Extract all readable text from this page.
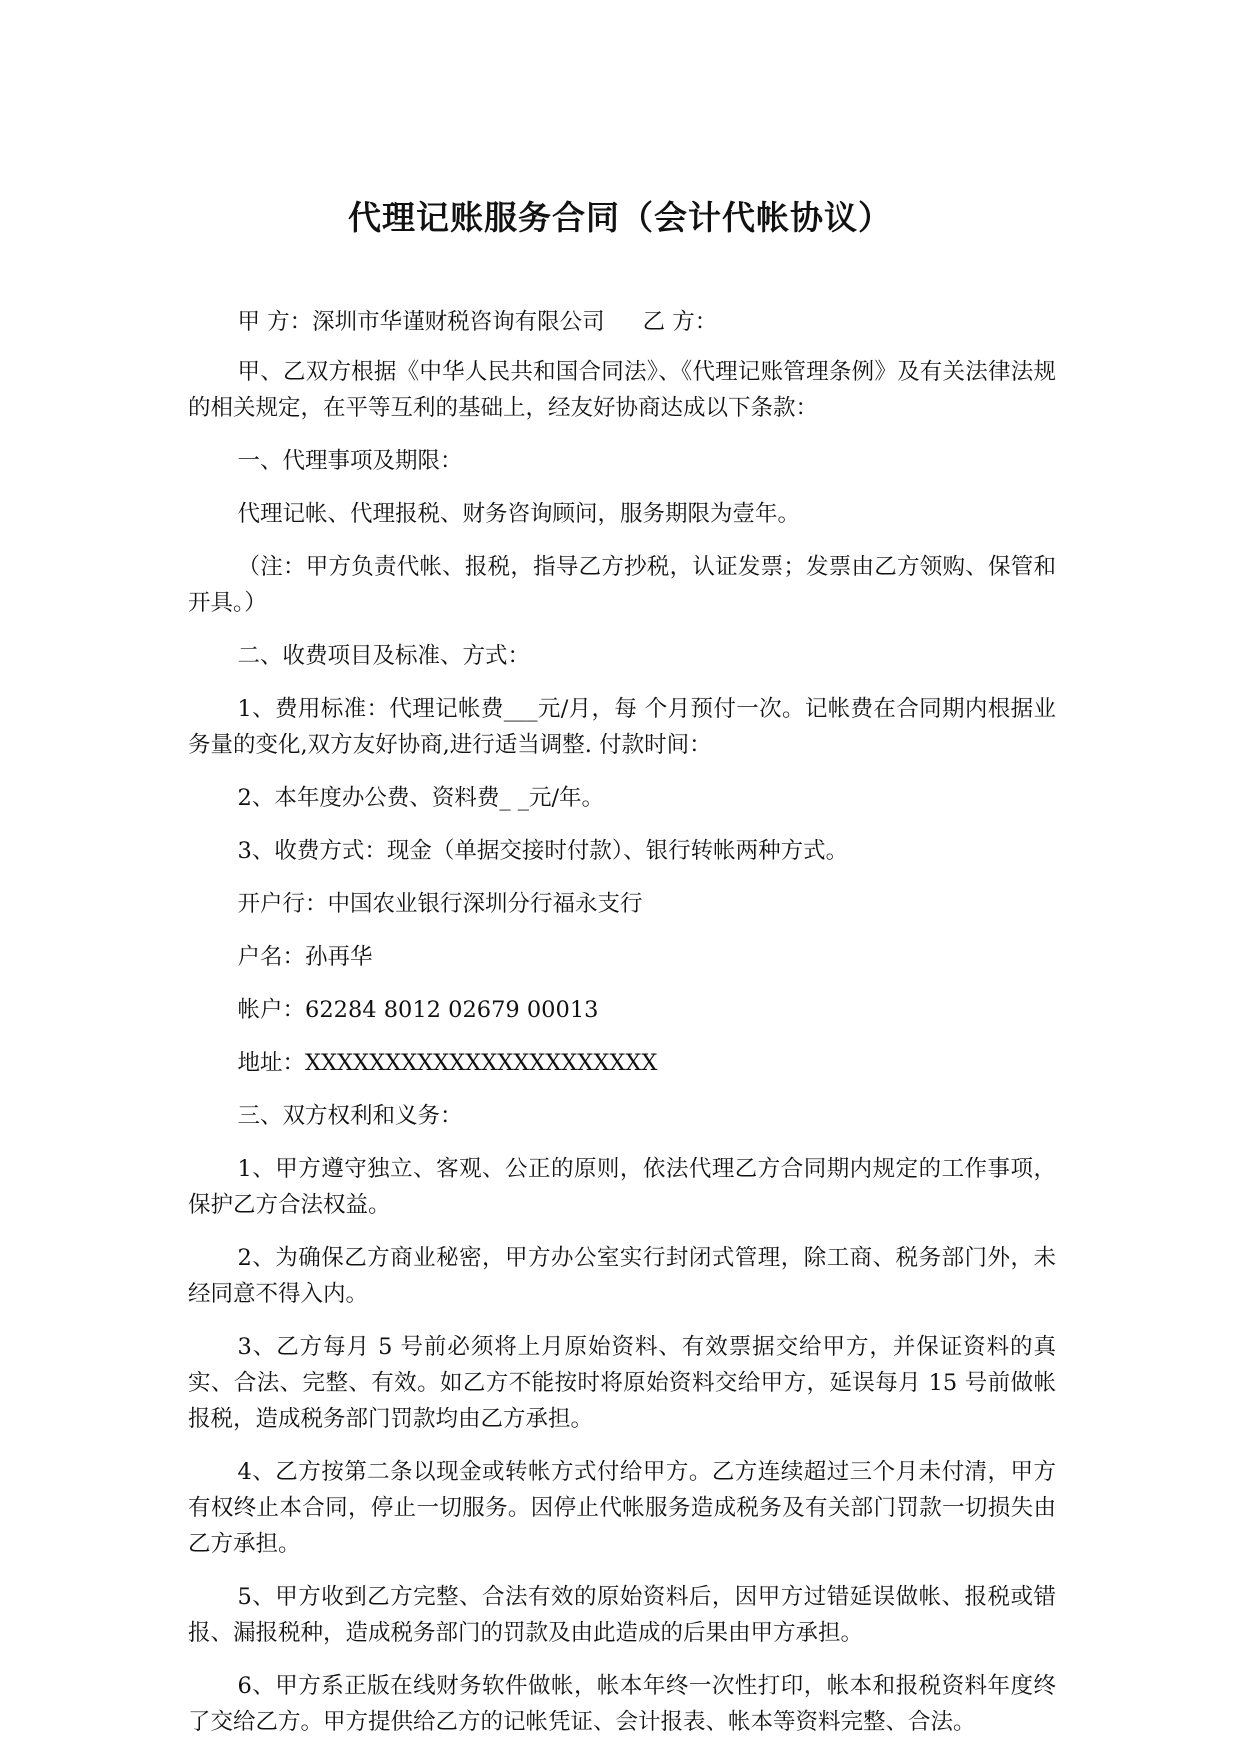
代理记账服务合同（会计代帐协议）

甲 方：深圳市华谨财税咨询有限公司 乙 方：

甲、乙双方根据《中华人民共和国合同法》、《代理记账管理条例》及有关法律法规的相关规定，在平等互利的基础上，经友好协商达成以下条款：

一、代理事项及期限：

代理记帐、代理报税、财务咨询顾问，服务期限为壹年。

（注：甲方负责代帐、报税，指导乙方抄税，认证发票；发票由乙方领购、保管和开具。）

二、收费项目及标准、方式：

1、费用标准：代理记帐费___元/月，每 个月预付一次。记帐费在合同期内根据业务量的变化,双方友好协商,进行适当调整. 付款时间：

2、本年度办公费、资料费_ _元/年。

3、收费方式：现金（单据交接时付款）、银行转帐两种方式。

开户行：中国农业银行深圳分行福永支行

户名：孙再华

帐户：62284 8012 02679 00013

地址：XXXXXXXXXXXXXXXXXXXXXX

三、双方权利和义务：

1、甲方遵守独立、客观、公正的原则，依法代理乙方合同期内规定的工作事项，保护乙方合法权益。

2、为确保乙方商业秘密，甲方办公室实行封闭式管理，除工商、税务部门外，未经同意不得入内。

3、乙方每月 5 号前必须将上月原始资料、有效票据交给甲方，并保证资料的真实、合法、完整、有效。如乙方不能按时将原始资料交给甲方，延误每月 15 号前做帐报税，造成税务部门罚款均由乙方承担。

4、乙方按第二条以现金或转帐方式付给甲方。乙方连续超过三个月未付清，甲方有权终止本合同，停止一切服务。因停止代帐服务造成税务及有关部门罚款一切损失由乙方承担。

5、甲方收到乙方完整、合法有效的原始资料后，因甲方过错延误做帐、报税或错报、漏报税种，造成税务部门的罚款及由此造成的后果由甲方承担。

6、甲方系正版在线财务软件做帐，帐本年终一次性打印，帐本和报税资料年度终了交给乙方。甲方提供给乙方的记帐凭证、会计报表、帐本等资料完整、合法。
